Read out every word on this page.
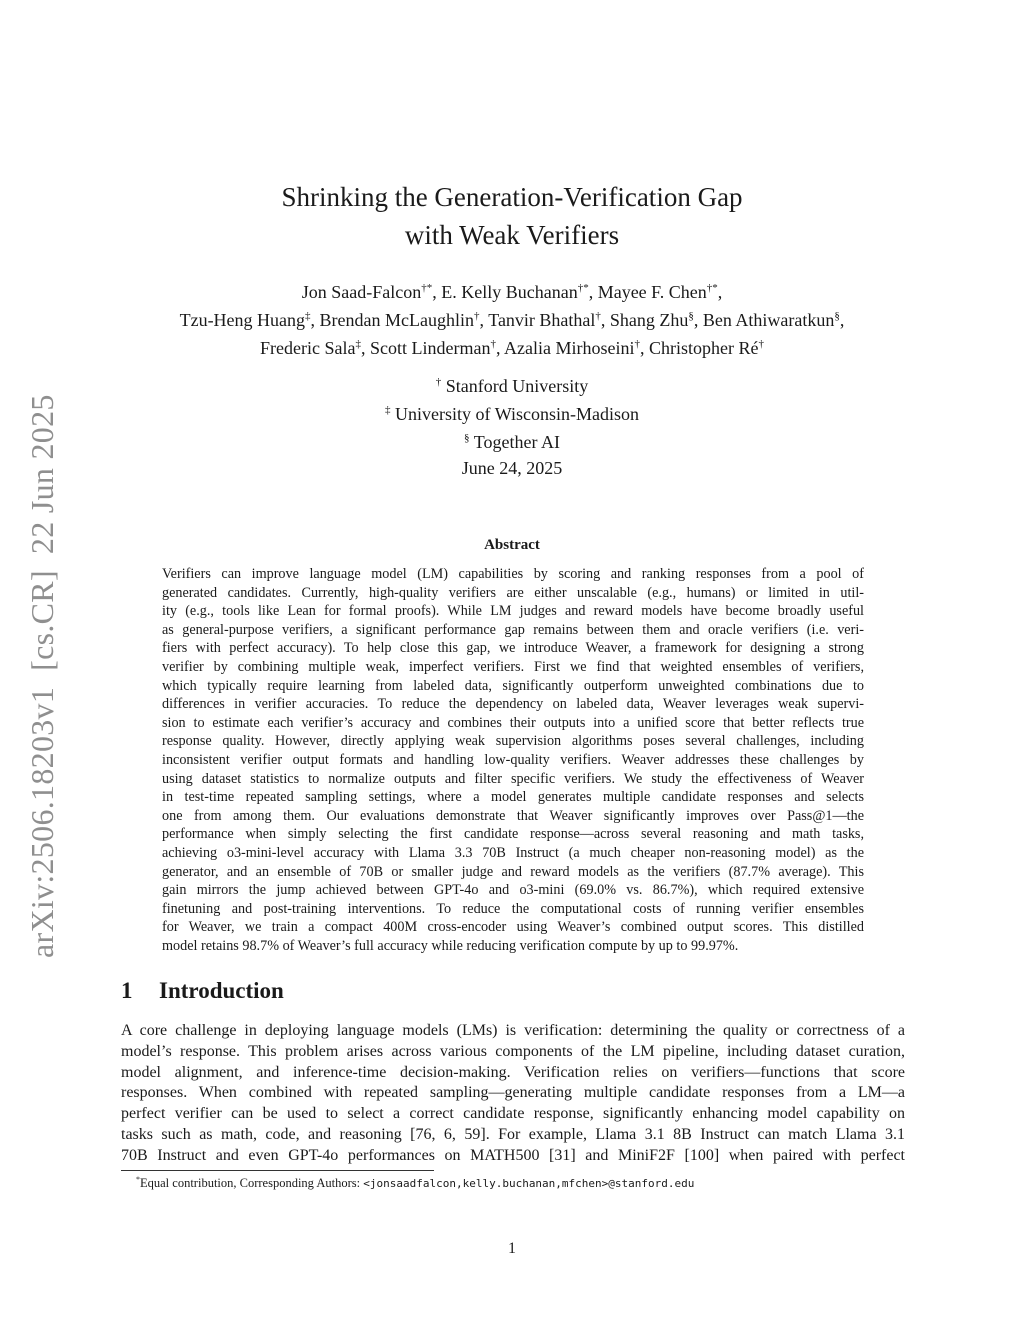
arXiv:2506.18203v1[cs.CR]22 Jun 2025
Shrinking the Generation-Verification Gap
with Weak Verifiers
Jon Saad-Falcon†*, E. Kelly Buchanan†*, Mayee F. Chen†*,
Tzu-Heng Huang‡, Brendan McLaughlin†, Tanvir Bhathal†, Shang Zhu§, Ben Athiwaratkun§,
Frederic Sala‡, Scott Linderman†, Azalia Mirhoseini†, Christopher Ré†
† Stanford University
‡ University of Wisconsin-Madison
§ Together AI
June 24, 2025
Abstract
Verifiers can improve language model (LM) capabilities by scoring and ranking responses from a pool of
generated candidates. Currently, high-quality verifiers are either unscalable (e.g., humans) or limited in util-
ity (e.g., tools like Lean for formal proofs). While LM judges and reward models have become broadly useful
as general-purpose verifiers, a significant performance gap remains between them and oracle verifiers (i.e. veri-
fiers with perfect accuracy). To help close this gap, we introduce Weaver, a framework for designing a strong
verifier by combining multiple weak, imperfect verifiers. First we find that weighted ensembles of verifiers,
which typically require learning from labeled data, significantly outperform unweighted combinations due to
differences in verifier accuracies. To reduce the dependency on labeled data, Weaver leverages weak supervi-
sion to estimate each verifier’s accuracy and combines their outputs into a unified score that better reflects true
response quality. However, directly applying weak supervision algorithms poses several challenges, including
inconsistent verifier output formats and handling low-quality verifiers. Weaver addresses these challenges by
using dataset statistics to normalize outputs and filter specific verifiers. We study the effectiveness of Weaver
in test-time repeated sampling settings, where a model generates multiple candidate responses and selects
one from among them. Our evaluations demonstrate that Weaver significantly improves over Pass@1—the
performance when simply selecting the first candidate response—across several reasoning and math tasks,
achieving o3-mini-level accuracy with Llama 3.3 70B Instruct (a much cheaper non-reasoning model) as the
generator, and an ensemble of 70B or smaller judge and reward models as the verifiers (87.7% average). This
gain mirrors the jump achieved between GPT-4o and o3-mini (69.0% vs. 86.7%), which required extensive
finetuning and post-training interventions. To reduce the computational costs of running verifier ensembles
for Weaver, we train a compact 400M cross-encoder using Weaver’s combined output scores. This distilled
model retains 98.7% of Weaver’s full accuracy while reducing verification compute by up to 99.97%.
1 Introduction
A core challenge in deploying language models (LMs) is verification: determining the quality or correctness of a
model’s response. This problem arises across various components of the LM pipeline, including dataset curation,
model alignment, and inference-time decision-making. Verification relies on verifiers—functions that score
responses. When combined with repeated sampling—generating multiple candidate responses from a LM—a
perfect verifier can be used to select a correct candidate response, significantly enhancing model capability on
tasks such as math, code, and reasoning [76, 6, 59]. For example, Llama 3.1 8B Instruct can match Llama 3.1
70B Instruct and even GPT-4o performances on MATH500 [31] and MiniF2F [100] when paired with perfect
*Equal contribution, Corresponding Authors: <jonsaadfalcon,kelly.buchanan,mfchen>@stanford.edu
1
